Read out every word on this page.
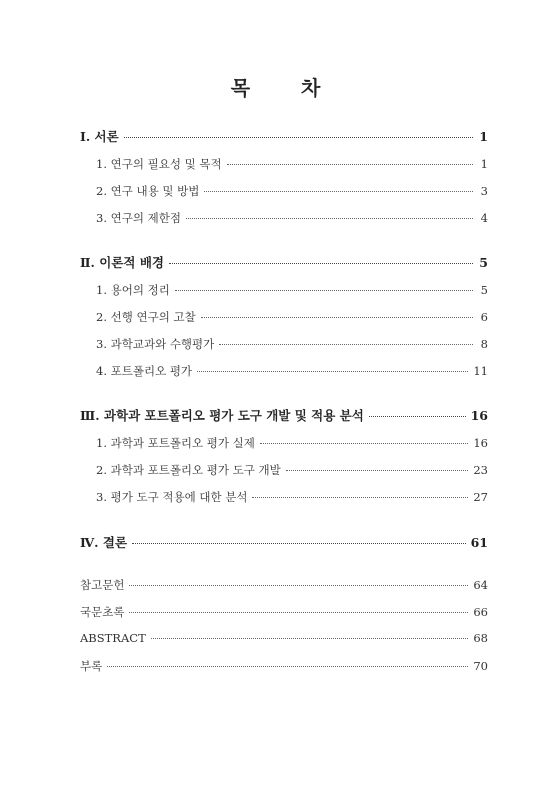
목 차
Ⅰ. 서론	1
1. 연구의 필요성 및 목적	1
2. 연구 내용 및 방법	3
3. 연구의 제한점	4
Ⅱ. 이론적 배경	5
1. 용어의 정리	5
2. 선행 연구의 고찰	6
3. 과학교과와 수행평가	8
4. 포트폴리오 평가	11
Ⅲ. 과학과 포트폴리오 평가 도구 개발 및 적용 분석	16
1. 과학과 포트폴리오 평가 실제	16
2. 과학과 포트폴리오 평가 도구 개발	23
3. 평가 도구 적용에 대한 분석	27
Ⅳ. 결론	61
참고문헌	64
국문초록	66
ABSTRACT	68
부록	70
